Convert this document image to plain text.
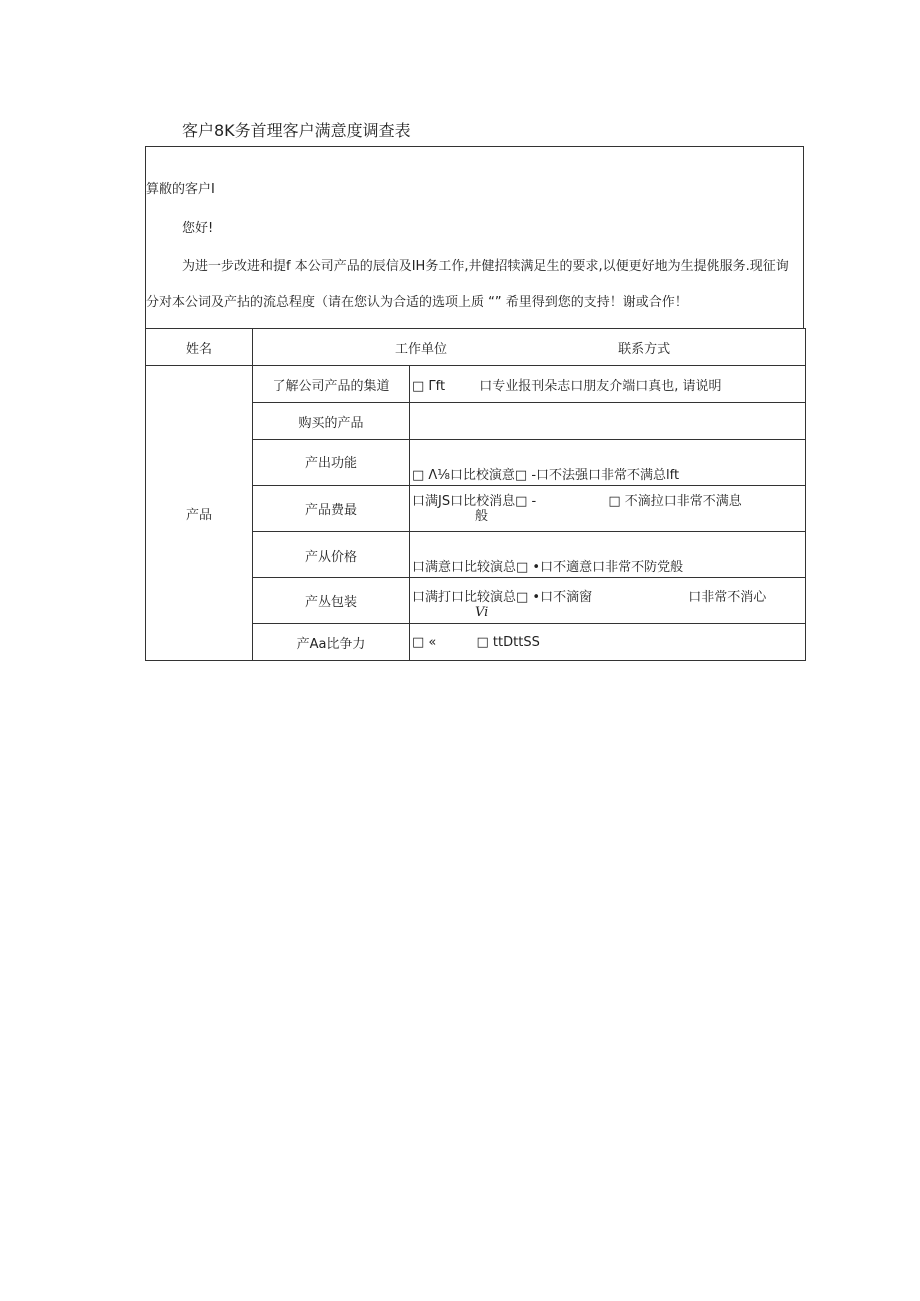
客户8K务首理客户满意度调查表

算敝的客户I

您好!

为进一步改进和提f 本公司产品的辰信及IH务工作,井健招犊满足生的要求,以便更好地为生提佻服务.现征询

分对本公词及产拈的流总程度（请在您认为合适的选项上质 “” 希里得到您的支持！谢或合作！

姓名	工作单位 联系方式	
产品	了解公司产品的集道	□ Γft 口专业报刊朵志口朋友介端口真也, 请说明
	购买的产品	
	产出功能	□ Λ⅛口比校演意□ -口不法强口非常不满总lft
	产品费最	口满JS口比校消息□ - □ 不滴拉口非常不满息
般

	产从价格	口满意口比较演总□ •口不適意口非常不防党般
	产丛包装	口满打口比较演总□ •口不滴窗 口非常不消心
Vi

	产Aa比争力	□ « □ ttDttSS
